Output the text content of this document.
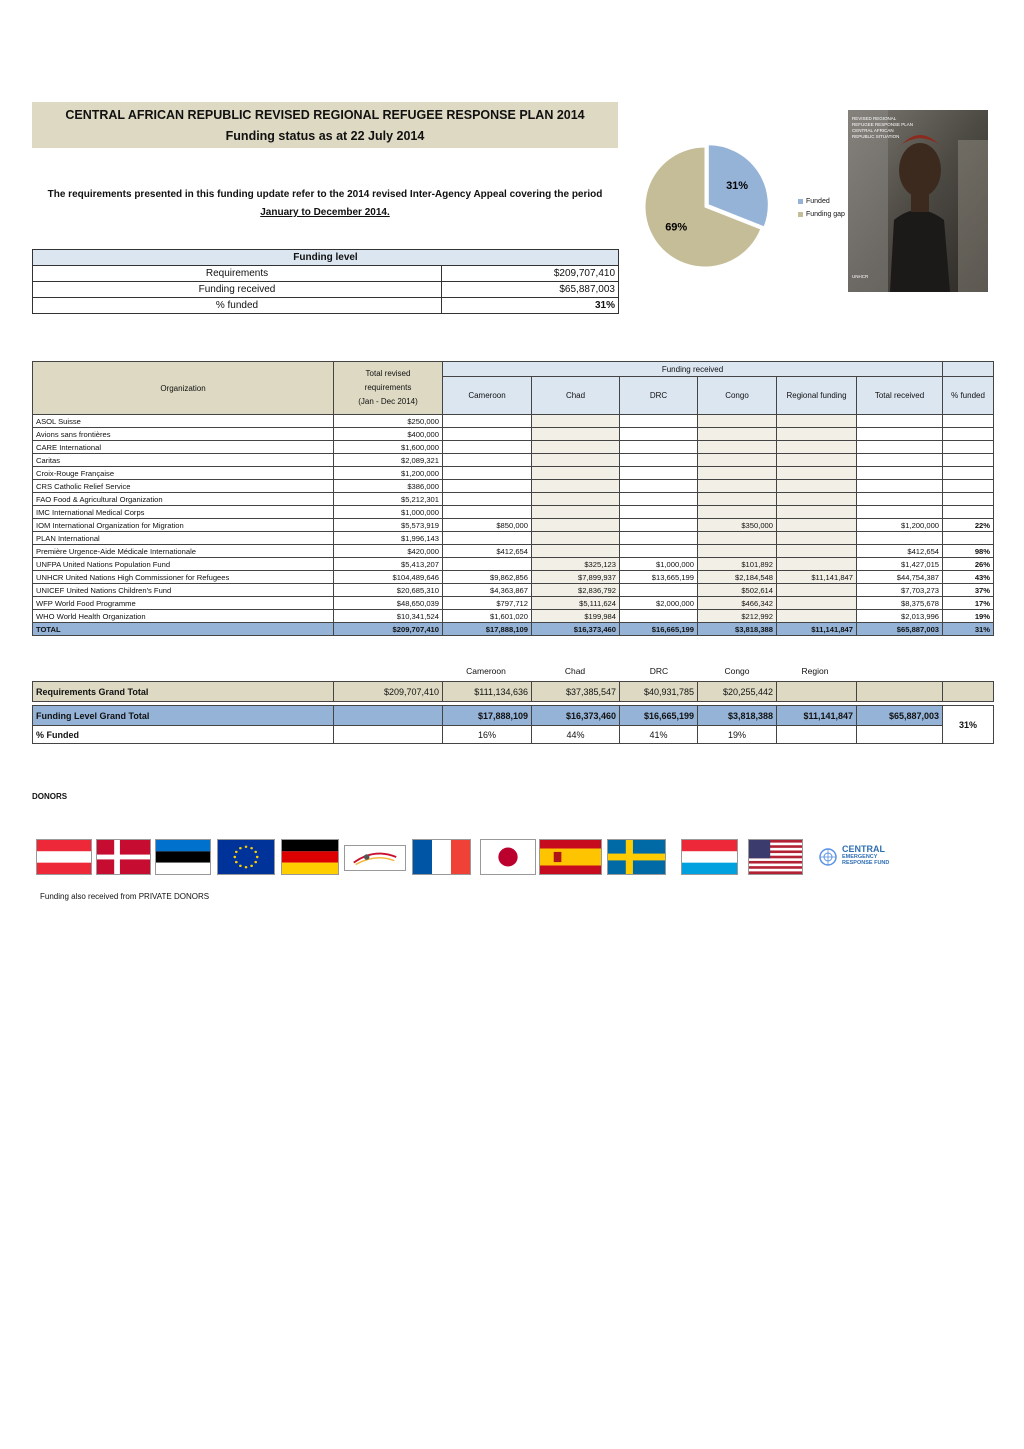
CENTRAL AFRICAN REPUBLIC REVISED REGIONAL REFUGEE RESPONSE PLAN 2014
Funding status as at 22 July 2014
The requirements presented in this funding update refer to the 2014 revised Inter-Agency Appeal covering the period January to December 2014.
Funding level	
Requirements	$209,707,410
Funding received	$65,887,003
% funded	31%
31%
69%
Funded
Funding gap
REVISED REGIONAL
REFUGEE RESPONSE PLAN
CENTRAL AFRICAN
REPUBLIC SITUATION
UNHCR
Organization	Total revised
requirements
(Jan - Dec 2014)	Funding received						
		Cameroon	Chad	DRC	Congo	Regional funding	Total received	% funded
ASOL Suisse	$250,000							
Avions sans frontières	$400,000							
CARE International	$1,600,000							
Caritas	$2,089,321							
Croix-Rouge Française	$1,200,000							
CRS Catholic Relief Service	$386,000							
FAO Food & Agricultural Organization	$5,212,301							
IMC International Medical Corps	$1,000,000							
IOM International Organization for Migration	$5,573,919	$850,000			$350,000		$1,200,000	22%
PLAN International	$1,996,143							
Première Urgence-Aide Médicale Internationale	$420,000	$412,654					$412,654	98%
UNFPA United Nations Population Fund	$5,413,207		$325,123	$1,000,000	$101,892		$1,427,015	26%
UNHCR United Nations High Commissioner for Refugees	$104,489,646	$9,862,856	$7,899,937	$13,665,199	$2,184,548	$11,141,847	$44,754,387	43%
UNICEF United Nations Children's Fund	$20,685,310	$4,363,867	$2,836,792		$502,614		$7,703,273	37%
WFP World Food Programme	$48,650,039	$797,712	$5,111,624	$2,000,000	$466,342		$8,375,678	17%
WHO World Health Organization	$10,341,524	$1,601,020	$199,984		$212,992		$2,013,996	19%
TOTAL	$209,707,410	$17,888,109	$16,373,460	$16,665,199	$3,818,388	$11,141,847	$65,887,003	31%
Cameroon	Chad	DRC	Congo	Region
Requirements Grand Total	$209,707,410	$111,134,636	$37,385,547	$40,931,785	$20,255,442			

Funding Level Grand Total		$17,888,109	$16,373,460	$16,665,199	$3,818,388	$11,141,847	$65,887,003	31%
% Funded		16%	44%	41%	19%			
DONORS
CENTRAL
EMERGENCY
RESPONSE FUND
Funding also received from PRIVATE DONORS
